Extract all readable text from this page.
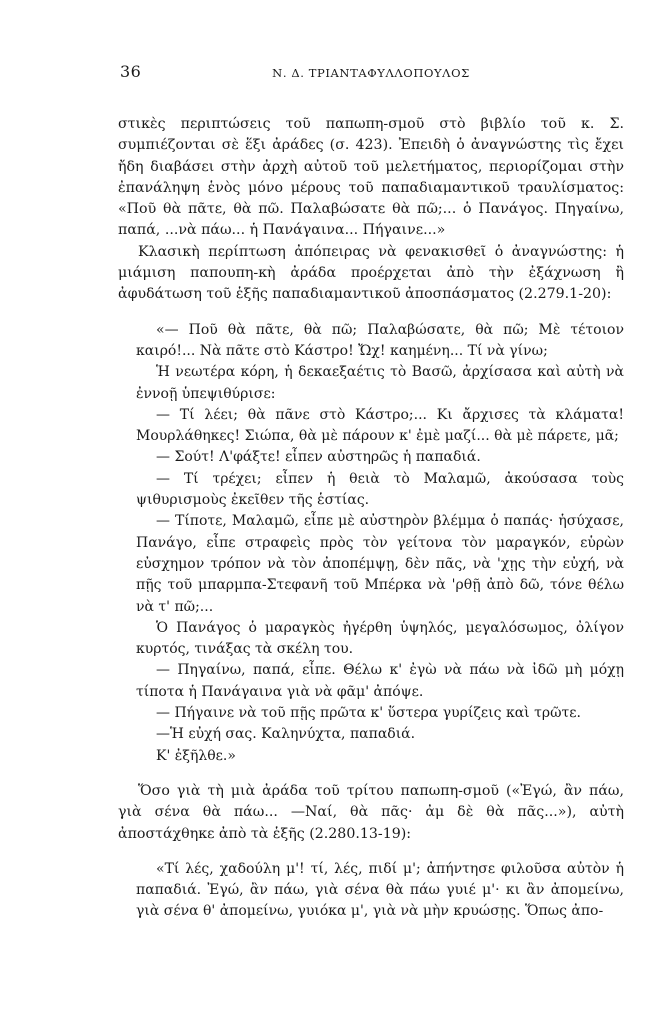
36	Ν. Δ. ΤΡΙΑΝΤΑΦΥΛΛΟΠΟΥΛΟΣ

στικὲς περιπτώσεις τοῦ παπωπη-σμοῦ στὸ βιβλίο τοῦ κ. Σ. συμπιέζονται σὲ ἕξι ἀράδες (σ. 423). Ἐπειδὴ ὁ ἀναγνώστης τὶς ἔχει ἤδη διαβάσει στὴν ἀρχὴ αὐτοῦ τοῦ μελετήματος, περιορίζομαι στὴν ἐπανάληψη ἑνὸς μόνο μέρους τοῦ παπαδιαμαντικοῦ τραυλίσματος: «Ποῦ θὰ πᾶτε, θὰ πῶ. Παλαβώσατε θὰ πῶ;... ὁ Πανάγος. Πηγαίνω, παπά, ...νὰ πάω... ἡ Πανάγαινα... Πήγαινε...»

Κλασικὴ περίπτωση ἀπόπειρας νὰ φενακισθεῖ ὁ ἀναγνώστης: ἡ μιάμιση παπουπη-κὴ ἀράδα προέρχεται ἀπὸ τὴν ἐξάχνωση ἢ ἀφυδάτωση τοῦ ἑξῆς παπαδιαμαντικοῦ ἀποσπάσματος (2.279.1-20):

«— Ποῦ θὰ πᾶτε, θὰ πῶ; Παλαβώσατε, θὰ πῶ; Μὲ τέτοιον καιρό!... Νὰ πᾶτε στὸ Κάστρο! Ὤχ! καημένη... Τί νὰ γίνω;

Ἡ νεωτέρα κόρη, ἡ δεκαεξαέτις τὸ Βασῶ, ἀρχίσασα καὶ αὐτὴ νὰ ἐννοῇ ὑπεψιθύρισε:

— Τί λέει; θὰ πᾶνε στὸ Κάστρο;... Κι ἄρχισες τὰ κλάματα! Μουρλάθηκες! Σιώπα, θὰ μὲ πάρουν κ' ἐμὲ μαζί... θὰ μὲ πάρετε, μᾶ;

— Σούτ! Λ'φάξτε! εἶπεν αὐστηρῶς ἡ παπαδιά.

— Τί τρέχει; εἶπεν ἡ θειὰ τὸ Μαλαμῶ, ἀκούσασα τοὺς ψιθυρισμοὺς ἐκεῖθεν τῆς ἑστίας.

— Τίποτε, Μαλαμῶ, εἶπε μὲ αὐστηρὸν βλέμμα ὁ παπάς· ἡσύχασε, Πανάγο, εἶπε στραφεὶς πρὸς τὸν γείτονα τὸν μαραγκόν, εὑρὼν εὐσχημον τρόπον νὰ τὸν ἀποπέμψῃ, δὲν πᾶς, νὰ 'χῃς τὴν εὐχή, νὰ πῇς τοῦ μπαρμπα-Στεφανῆ τοῦ Μπέρκα νὰ 'ρθῇ ἀπὸ δῶ, τόνε θέλω νὰ τ' πῶ;...

Ὁ Πανάγος ὁ μαραγκὸς ἠγέρθη ὑψηλός, μεγαλόσωμος, ὀλίγον κυρτός, τινάξας τὰ σκέλη του.

— Πηγαίνω, παπά, εἶπε. Θέλω κ' ἐγὼ νὰ πάω νὰ ἰδῶ μὴ μόχῃ τίποτα ἡ Πανάγαινα γιὰ νὰ φᾶμ' ἀπόψε.

— Πήγαινε νὰ τοῦ πῇς πρῶτα κ' ὕστερα γυρίζεις καὶ τρῶτε.

—Ἡ εὐχή σας. Καληνύχτα, παπαδιά.

Κ' ἐξῆλθε.»

Ὅσο γιὰ τὴ μιὰ ἀράδα τοῦ τρίτου παπωπη-σμοῦ («Ἐγώ, ἂν πάω, γιὰ σένα θὰ πάω... —Ναί, θὰ πᾶς· ἀμ δὲ θὰ πᾶς...»), αὐτὴ ἀποστάχθηκε ἀπὸ τὰ ἑξῆς (2.280.13-19):

«Τί λές, χαδούλη μ'! τί, λές, πιδί μ'; ἀπήντησε φιλοῦσα αὐτὸν ἡ παπαδιά. Ἐγώ, ἂν πάω, γιὰ σένα θὰ πάω γυιέ μ'· κι ἂν ἀπομείνω, γιὰ σένα θ' ἀπομείνω, γυιόκα μ', γιὰ νὰ μὴν κρυώσῃς. Ὅπως ἀπο-
